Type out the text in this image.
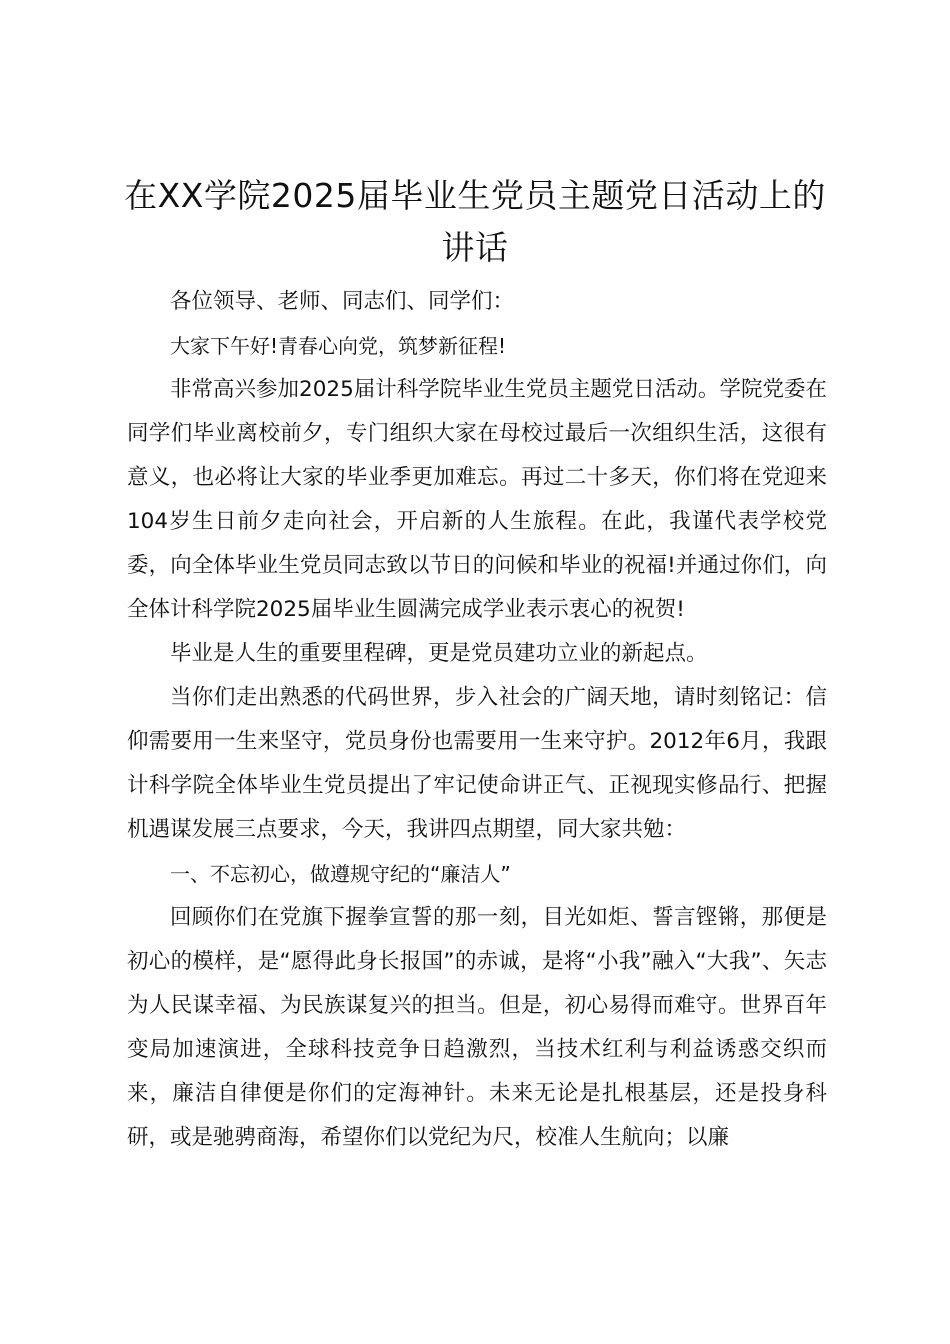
在XX学院2025届毕业生党员主题党日活动上的讲话

各位领导、老师、同志们、同学们：

大家下午好!青春心向党，筑梦新征程!

非常高兴参加2025届计科学院毕业生党员主题党日活动。学院党委在同学们毕业离校前夕，专门组织大家在母校过最后一次组织生活，这很有意义，也必将让大家的毕业季更加难忘。再过二十多天，你们将在党迎来104岁生日前夕走向社会，开启新的人生旅程。在此，我谨代表学校党委，向全体毕业生党员同志致以节日的问候和毕业的祝福!并通过你们，向全体计科学院2025届毕业生圆满完成学业表示衷心的祝贺!

毕业是人生的重要里程碑，更是党员建功立业的新起点。

当你们走出熟悉的代码世界，步入社会的广阔天地，请时刻铭记：信仰需要用一生来坚守，党员身份也需要用一生来守护。2012年6月，我跟计科学院全体毕业生党员提出了牢记使命讲正气、正视现实修品行、把握机遇谋发展三点要求，今天，我讲四点期望，同大家共勉：

一、不忘初心，做遵规守纪的“廉洁人”

回顾你们在党旗下握拳宣誓的那一刻，目光如炬、誓言铿锵，那便是初心的模样，是“愿得此身长报国”的赤诚，是将“小我”融入“大我”、矢志为人民谋幸福、为民族谋复兴的担当。但是，初心易得而难守。世界百年变局加速演进，全球科技竞争日趋激烈，当技术红利与利益诱惑交织而来，廉洁自律便是你们的定海神针。未来无论是扎根基层，还是投身科研，或是驰骋商海，希望你们以党纪为尺，校准人生航向；以廉
